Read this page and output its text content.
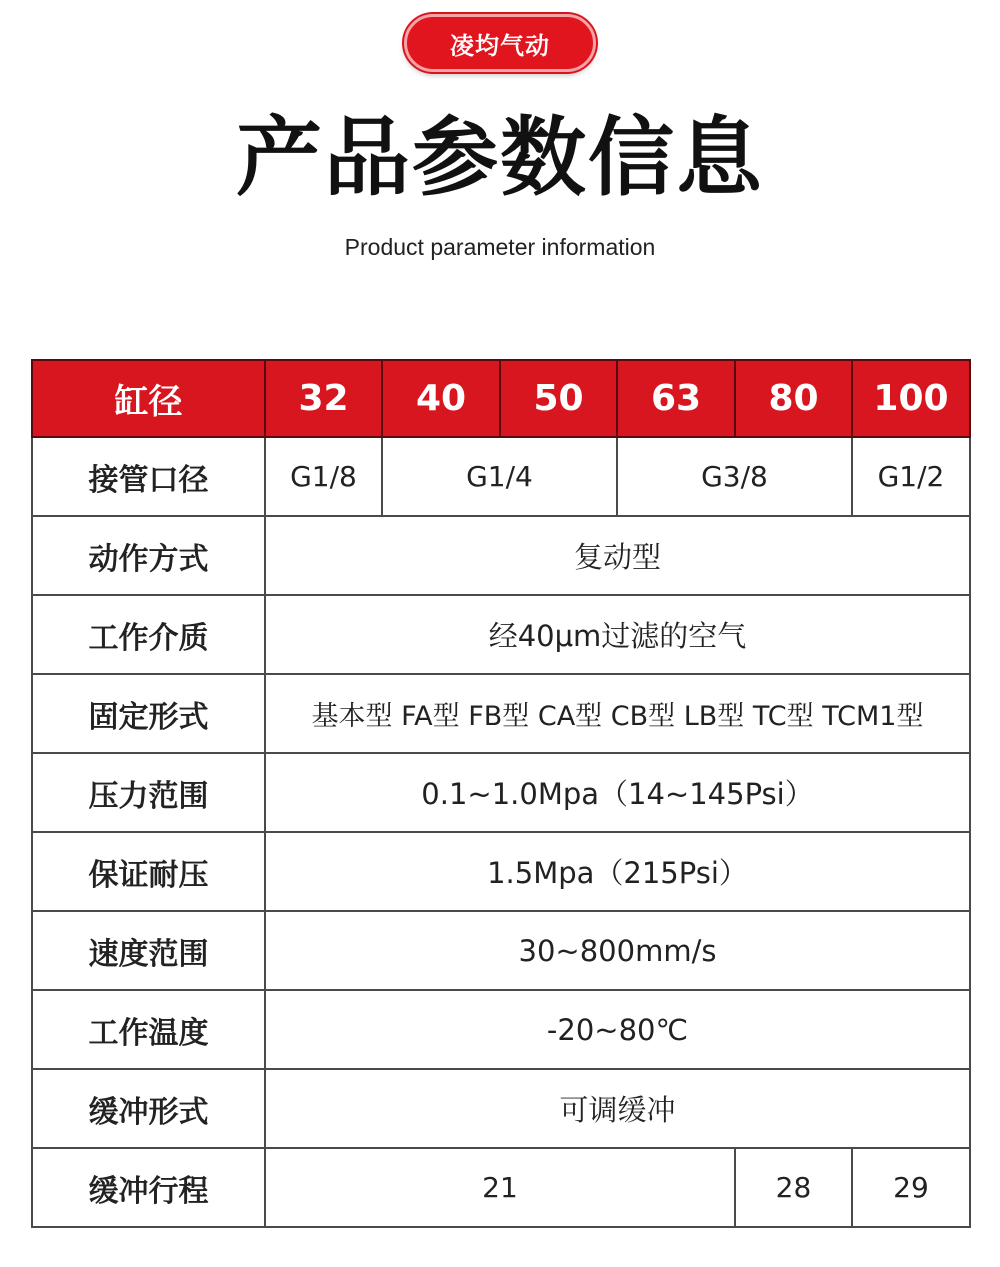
凌均气动
产品参数信息
Product parameter information
缸径	32	40	50	63	80	100
接管口径	G1/8	G1/4		G3/8		G1/2
动作方式	复动型					
工作介质	经40μm过滤的空气					
固定形式	基本型 FA型 FB型 CA型 CB型 LB型 TC型 TCM1型					
压力范围	0.1~1.0Mpa（14~145Psi）					
保证耐压	1.5Mpa（215Psi）					
速度范围	30~800mm/s					
工作温度	-20~80℃					
缓冲形式	可调缓冲					
缓冲行程	21				28	29
